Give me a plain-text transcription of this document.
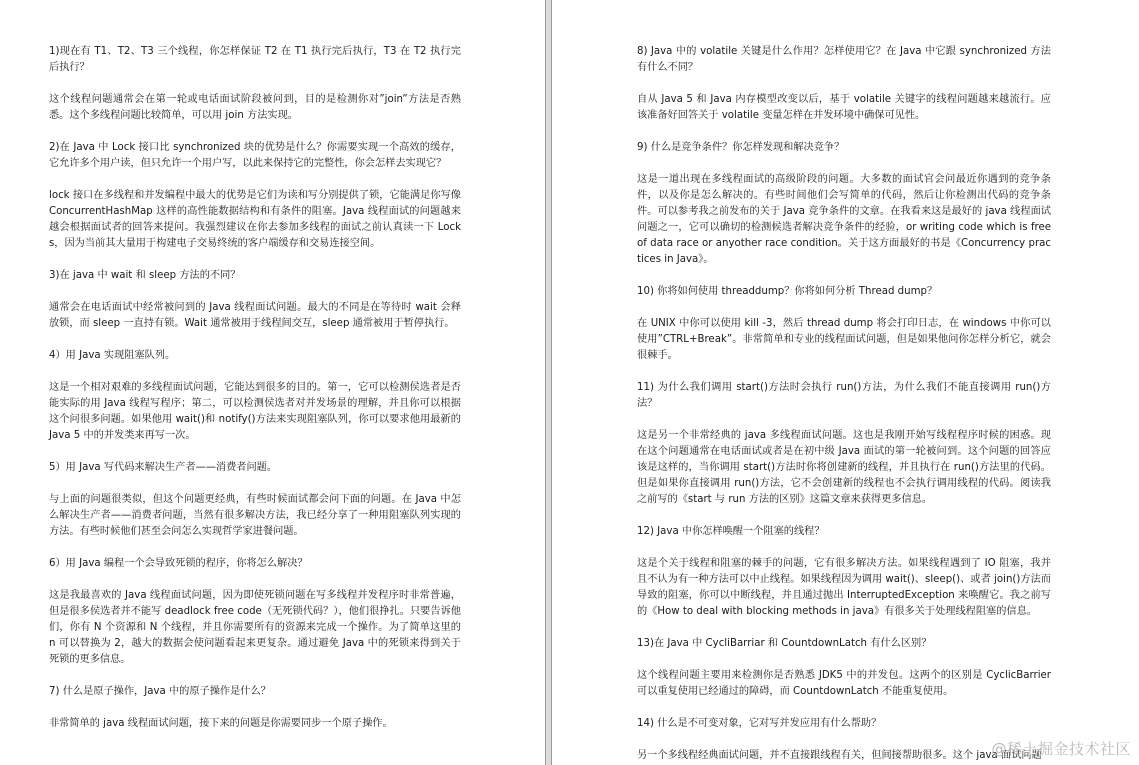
1)现在有 T1、T2、T3 三个线程，你怎样保证 T2 在 T1 执行完后执行，T3 在 T2 执行完后执行？

这个线程问题通常会在第一轮或电话面试阶段被问到，目的是检测你对”join”方法是否熟悉。这个多线程问题比较简单，可以用 join 方法实现。

2)在 Java 中 Lock 接口比 synchronized 块的优势是什么？你需要实现一个高效的缓存，它允许多个用户读，但只允许一个用户写，以此来保持它的完整性，你会怎样去实现它？

lock 接口在多线程和并发编程中最大的优势是它们为读和写分别提供了锁，它能满足你写像 ConcurrentHashMap 这样的高性能数据结构和有条件的阻塞。Java 线程面试的问题越来越会根据面试者的回答来提问。我强烈建议在你去参加多线程的面试之前认真读一下 Locks，因为当前其大量用于构建电子交易终统的客户端缓存和交易连接空间。

3)在 java 中 wait 和 sleep 方法的不同？

通常会在电话面试中经常被问到的 Java 线程面试问题。最大的不同是在等待时 wait 会释放锁，而 sleep 一直持有锁。Wait 通常被用于线程间交互，sleep 通常被用于暂停执行。

4）用 Java 实现阻塞队列。

这是一个相对艰难的多线程面试问题，它能达到很多的目的。第一，它可以检测侯选者是否能实际的用 Java 线程写程序；第二，可以检测侯选者对并发场景的理解，并且你可以根据这个问很多问题。如果他用 wait()和 notify()方法来实现阻塞队列，你可以要求他用最新的 Java 5 中的并发类来再写一次。

5）用 Java 写代码来解决生产者——消费者问题。

与上面的问题很类似，但这个问题更经典，有些时候面试都会问下面的问题。在 Java 中怎么解决生产者——消费者问题，当然有很多解决方法，我已经分享了一种用阻塞队列实现的方法。有些时候他们甚至会问怎么实现哲学家进餐问题。

6）用 Java 编程一个会导致死锁的程序，你将怎么解决？

这是我最喜欢的 Java 线程面试问题，因为即使死锁问题在写多线程并发程序时非常普遍，但是很多侯选者并不能写 deadlock free code（无死锁代码？），他们很挣扎。只要告诉他们，你有 N 个资源和 N 个线程，并且你需要所有的资源来完成一个操作。为了简单这里的 n 可以替换为 2，越大的数据会使问题看起来更复杂。通过避免 Java 中的死锁来得到关于死锁的更多信息。

7) 什么是原子操作，Java 中的原子操作是什么？

非常简单的 java 线程面试问题，接下来的问题是你需要同步一个原子操作。

8) Java 中的 volatile 关键是什么作用？怎样使用它？在 Java 中它跟 synchronized 方法有什么不同？

自从 Java 5 和 Java 内存模型改变以后，基于 volatile 关键字的线程问题越来越流行。应该准备好回答关于 volatile 变量怎样在并发环境中确保可见性。

9) 什么是竞争条件？你怎样发现和解决竞争？

这是一道出现在多线程面试的高级阶段的问题。大多数的面试官会问最近你遇到的竞争条件，以及你是怎么解决的。有些时间他们会写简单的代码，然后让你检测出代码的竞争条件。可以参考我之前发布的关于 Java 竞争条件的文章。在我看来这是最好的 java 线程面试问题之一，它可以确切的检测候选者解决竞争条件的经验，or writing code which is free of data race or anyother race condition。关于这方面最好的书是《Concurrency practices in Java》。

10) 你将如何使用 threaddump？你将如何分析 Thread dump？

在 UNIX 中你可以使用 kill -3，然后 thread dump 将会打印日志，在 windows 中你可以使用”CTRL+Break”。非常简单和专业的线程面试问题，但是如果他问你怎样分析它，就会很棘手。

11) 为什么我们调用 start()方法时会执行 run()方法，为什么我们不能直接调用 run()方法？

这是另一个非常经典的 java 多线程面试问题。这也是我刚开始写线程程序时候的困惑。现在这个问题通常在电话面试或者是在初中级 Java 面试的第一轮被问到。这个问题的回答应该是这样的，当你调用 start()方法时你将创建新的线程，并且执行在 run()方法里的代码。但是如果你直接调用 run()方法，它不会创建新的线程也不会执行调用线程的代码。阅读我之前写的《start 与 run 方法的区别》这篇文章来获得更多信息。

12) Java 中你怎样唤醒一个阻塞的线程？

这是个关于线程和阻塞的棘手的问题，它有很多解决方法。如果线程遇到了 IO 阻塞，我并且不认为有一种方法可以中止线程。如果线程因为调用 wait()、sleep()、或者 join()方法而导致的阻塞，你可以中断线程，并且通过抛出 InterruptedException 来唤醒它。我之前写的《How to deal with blocking methods in java》有很多关于处理线程阻塞的信息。

13)在 Java 中 CycliBarriar 和 CountdownLatch 有什么区别？

这个线程问题主要用来检测你是否熟悉 JDK5 中的并发包。这两个的区别是 CyclicBarrier 可以重复使用已经通过的障碍，而 CountdownLatch 不能重复使用。

14) 什么是不可变对象，它对写并发应用有什么帮助？

另一个多线程经典面试问题，并不直接跟线程有关，但间接帮助很多。这个 java 面试问题

@稀土掘金技术社区
